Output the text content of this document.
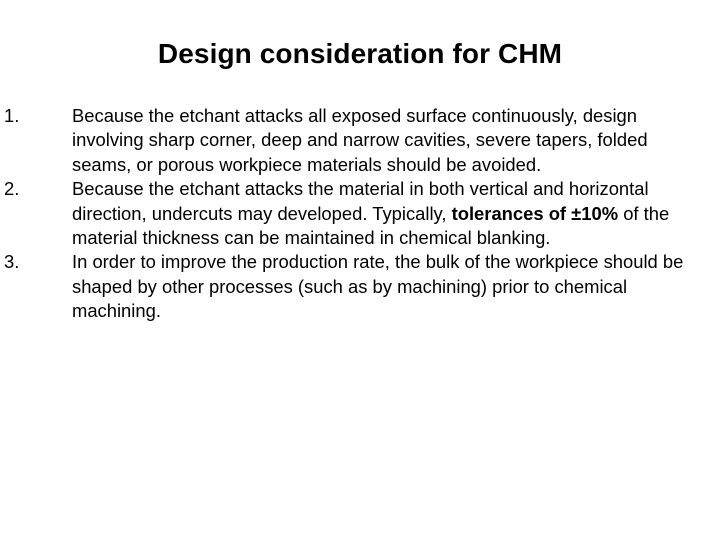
Design consideration for CHM
1.	Because the etchant attacks all exposed surface continuously, design involving sharp corner, deep and narrow cavities, severe tapers, folded seams, or porous workpiece materials should be avoided.
2.	Because the etchant attacks the material in both vertical and horizontal direction, undercuts may developed. Typically, tolerances of ±10% of the material thickness can be maintained in chemical blanking.
3.	In order to improve the production rate, the bulk of the workpiece should be shaped by other processes (such as by machining) prior to chemical machining.
